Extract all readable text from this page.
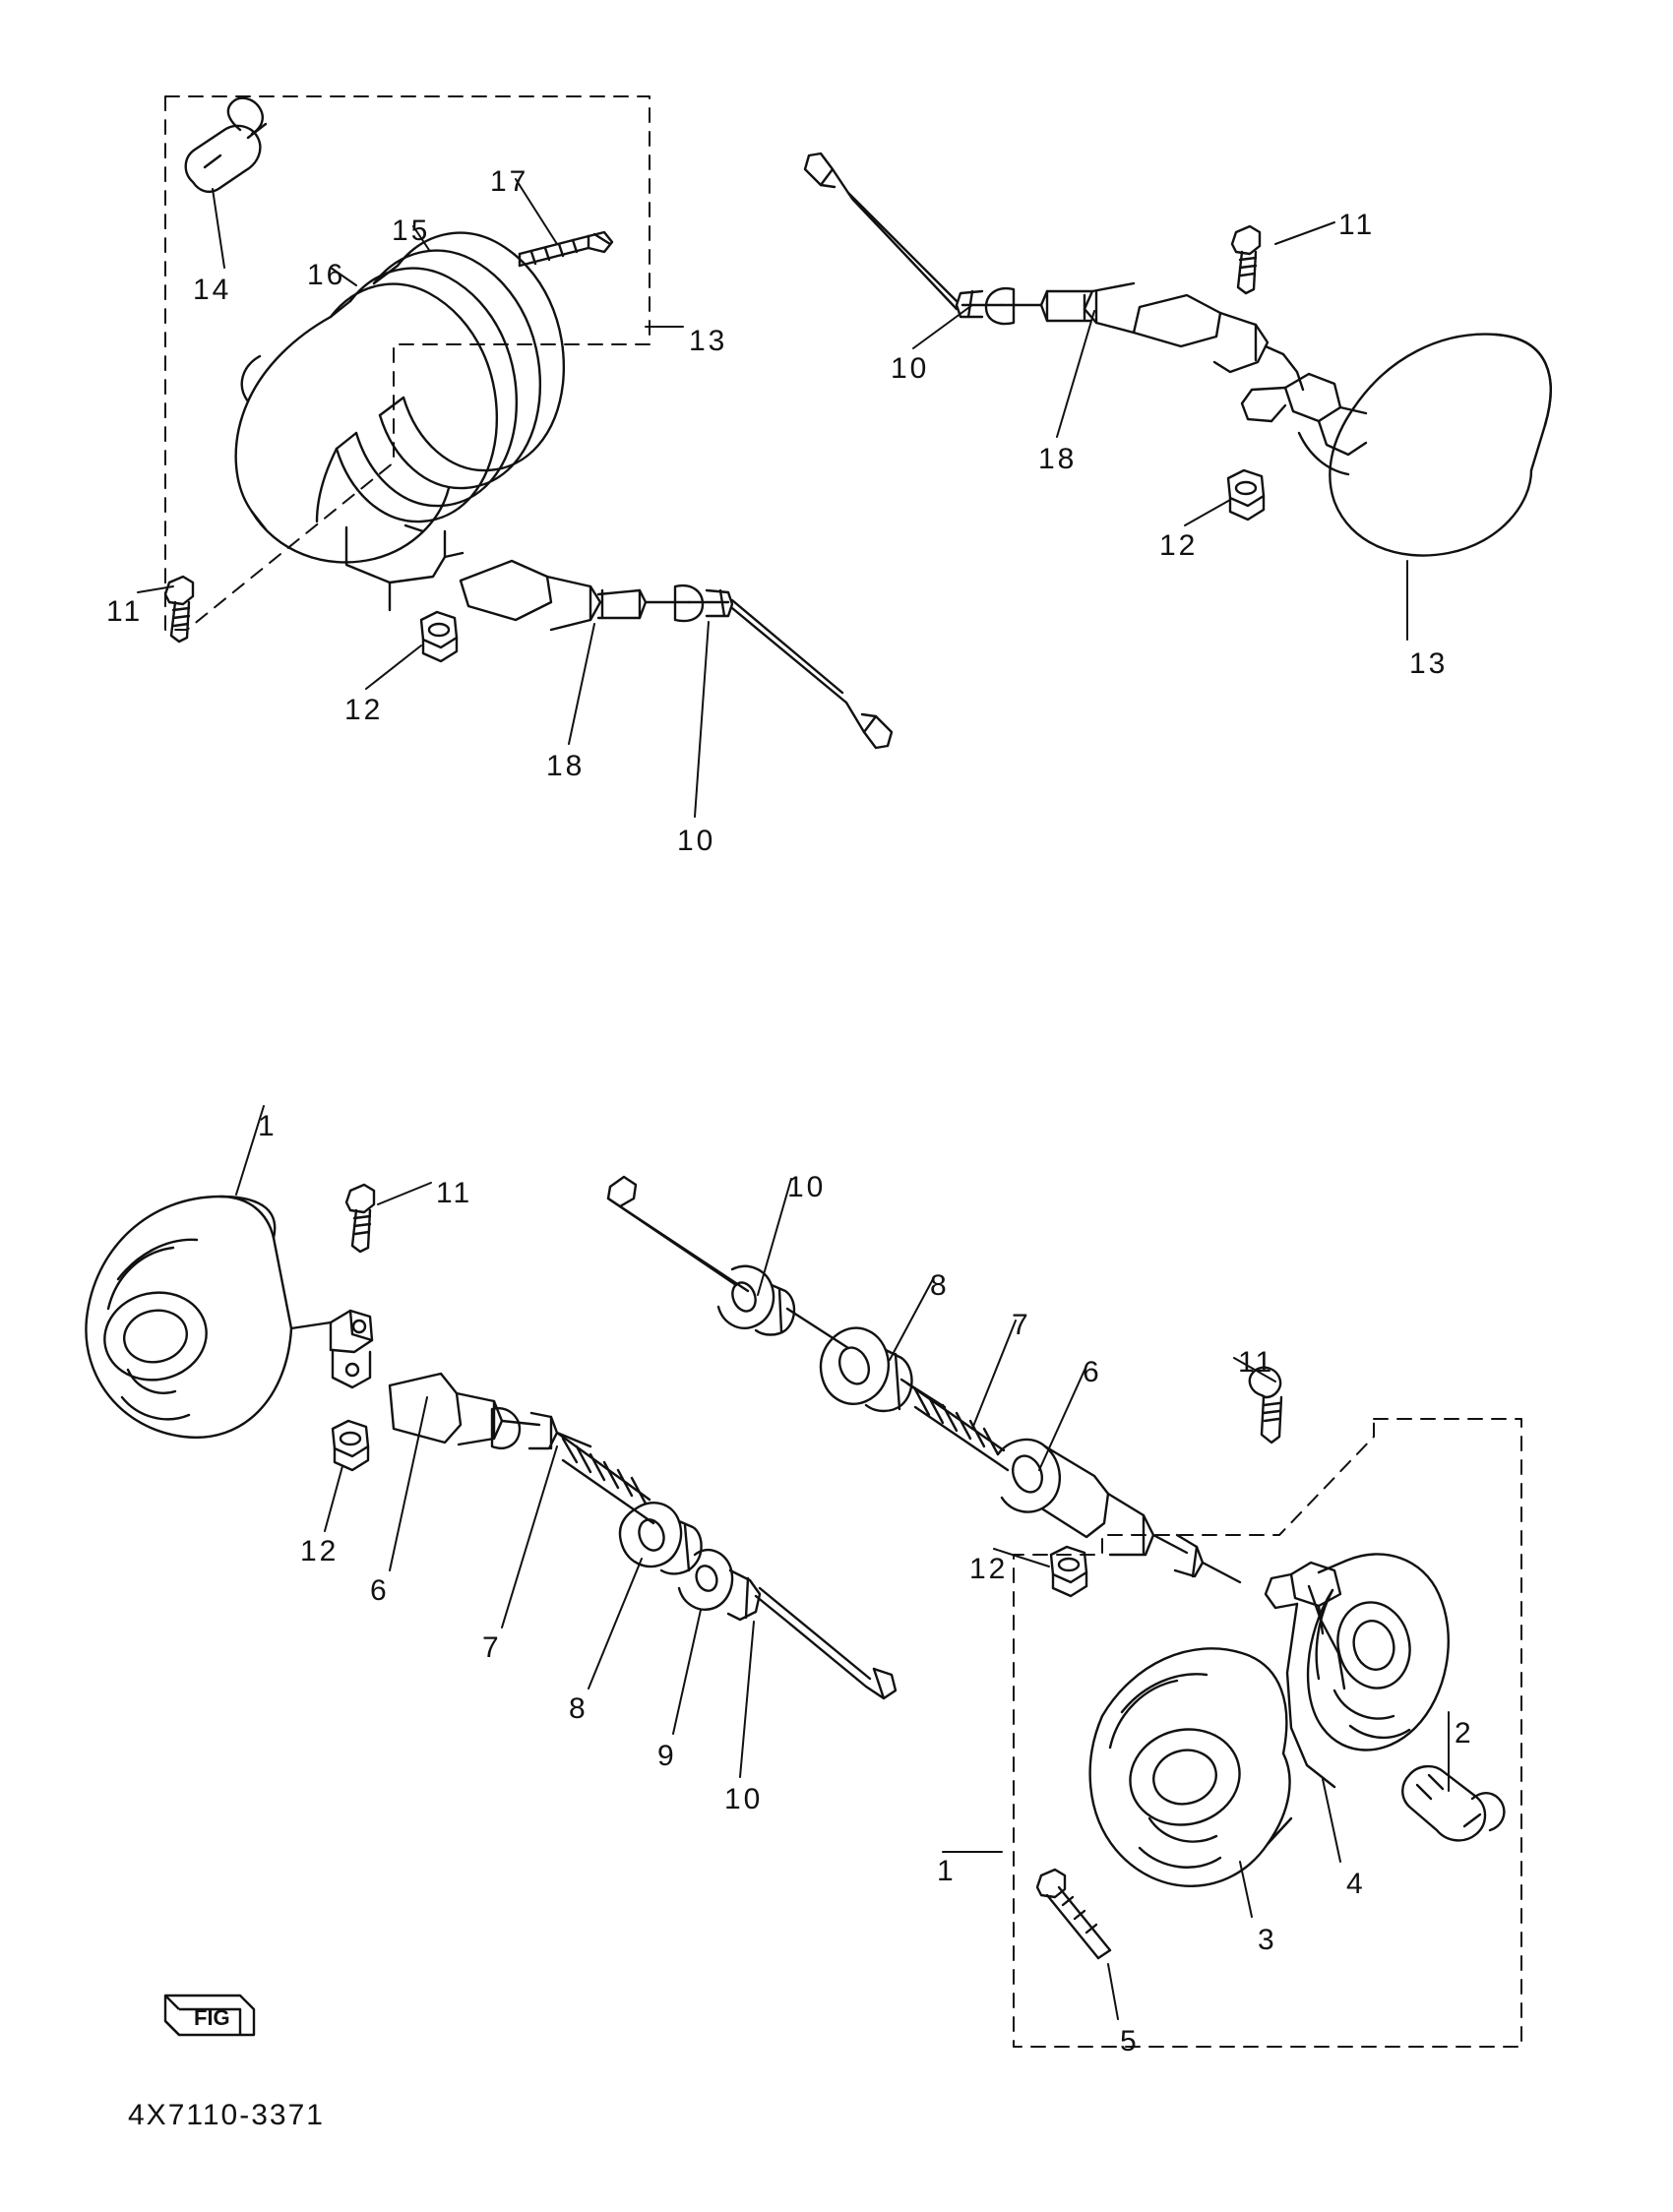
14
15
16
17
13
11
10
18
12
13
11
12
18
10
1
11	10
8
7
6	11
12
6
7
8
9
10
12
2
4
3
1
5
FIG
4X7110-3371
